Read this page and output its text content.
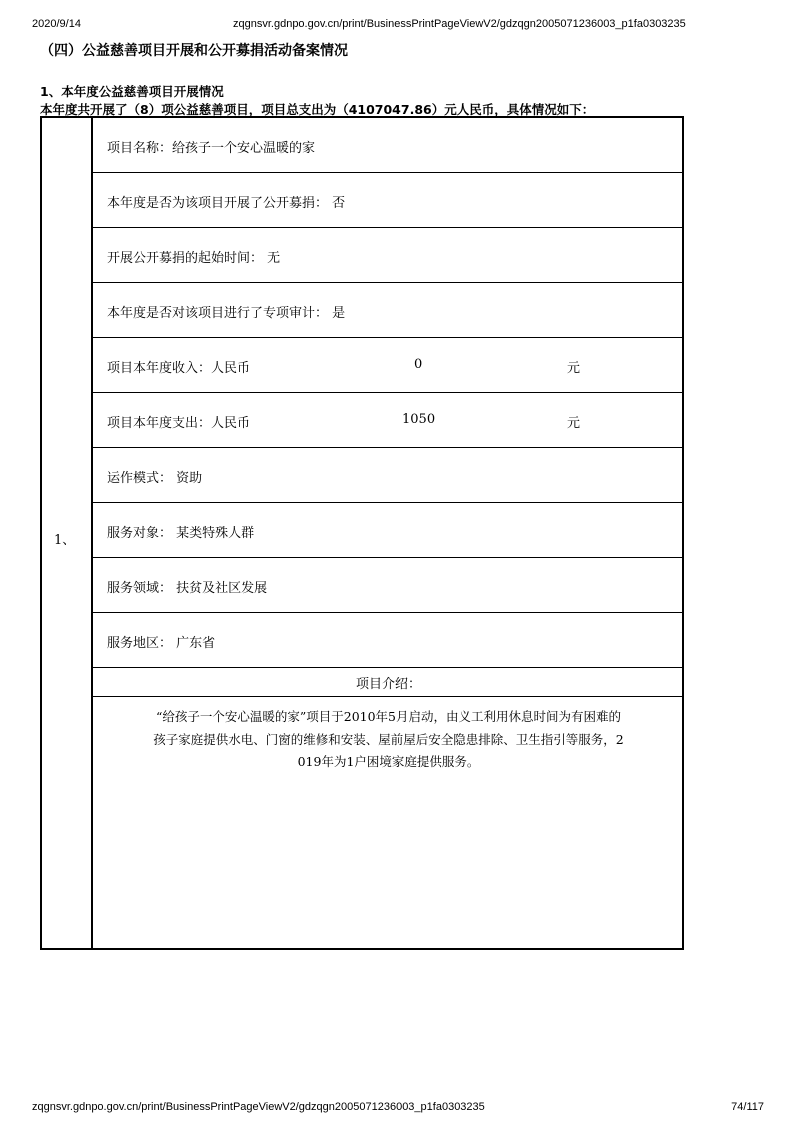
2020/9/14	zqgnsvr.gdnpo.gov.cn/print/BusinessPrintPageViewV2/gdzqgn2005071236003_p1fa0303235
（四）公益慈善项目开展和公开募捐活动备案情况
1、本年度公益慈善项目开展情况
本年度共开展了（8）项公益慈善项目，项目总支出为（4107047.86）元人民币，具体情况如下：
1、
项目名称：给孩子一个安心温暖的家
本年度是否为该项目开展了公开募捐： 否
开展公开募捐的起始时间： 无
本年度是否对该项目进行了专项审计： 是
项目本年度收入：人民币	0	元
项目本年度支出：人民币	1050	元
运作模式： 资助
服务对象： 某类特殊人群
服务领域： 扶贫及社区发展
服务地区： 广东省
项目介绍：
“给孩子一个安心温暖的家”项目于2010年5月启动，由义工利用休息时间为有困难的
孩子家庭提供水电、门窗的维修和安装、屋前屋后安全隐患排除、卫生指引等服务，2
019年为1户困境家庭提供服务。
zqgnsvr.gdnpo.gov.cn/print/BusinessPrintPageViewV2/gdzqgn2005071236003_p1fa0303235	74/117
